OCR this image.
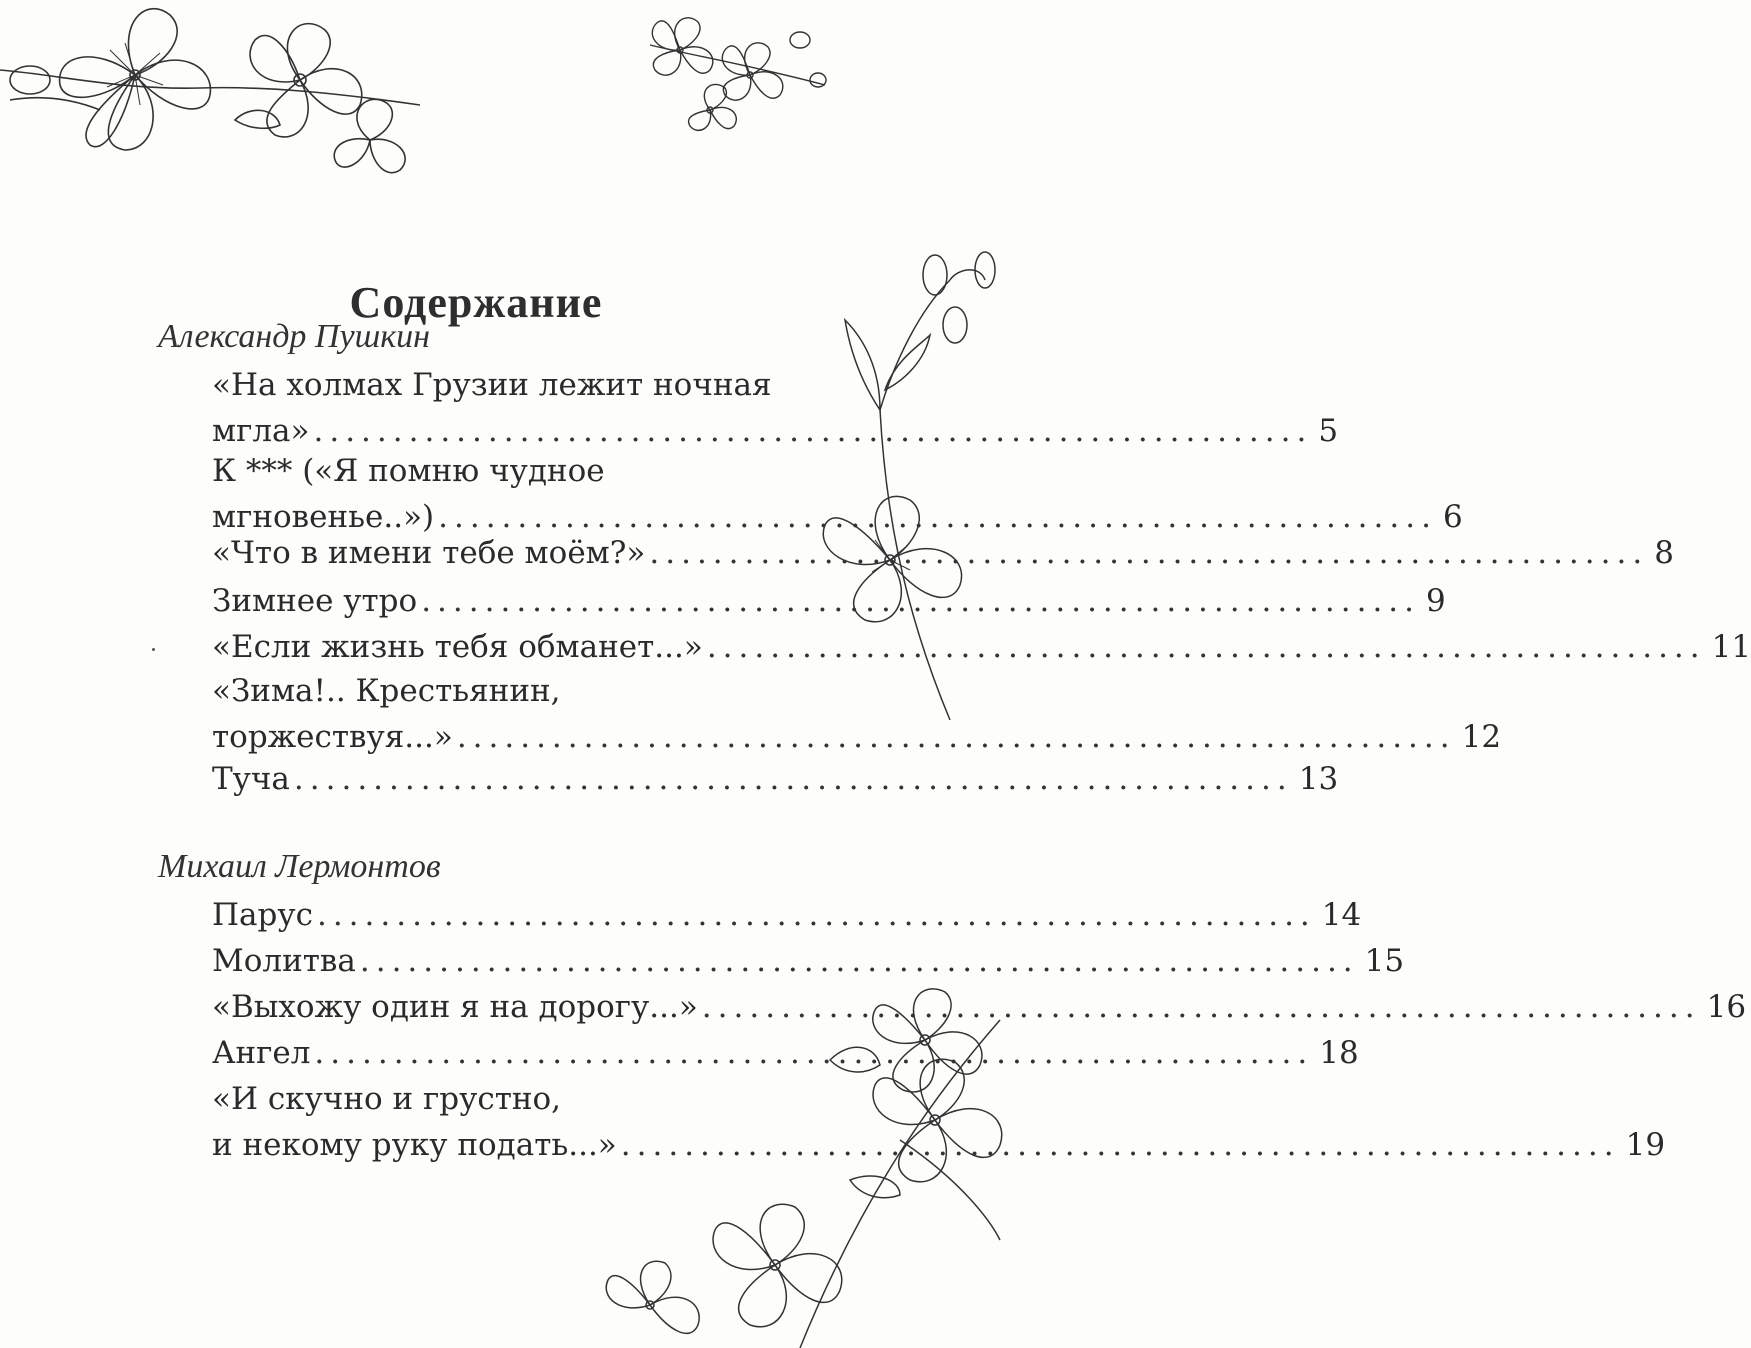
Содержание
Александр Пушкин
«На холмах Грузии лежит ночная
мгла» ............................................................... 5
К *** («Я помню чудное
мгновенье..») ............................................................... 6
«Что в имени тебе моём?» ............................................................... 8
Зимнее утро ............................................................... 9
«Если жизнь тебя обманет...» ............................................................... 11
«Зима!.. Крестьянин,
торжествуя...» ............................................................... 12
Туча ............................................................... 13
Михаил Лермонтов
Парус ............................................................... 14
Молитва ............................................................... 15
«Выхожу один я на дорогу...» ............................................................... 16
Ангел ............................................................... 18
«И скучно и грустно,
и некому руку подать...» ............................................................... 19
